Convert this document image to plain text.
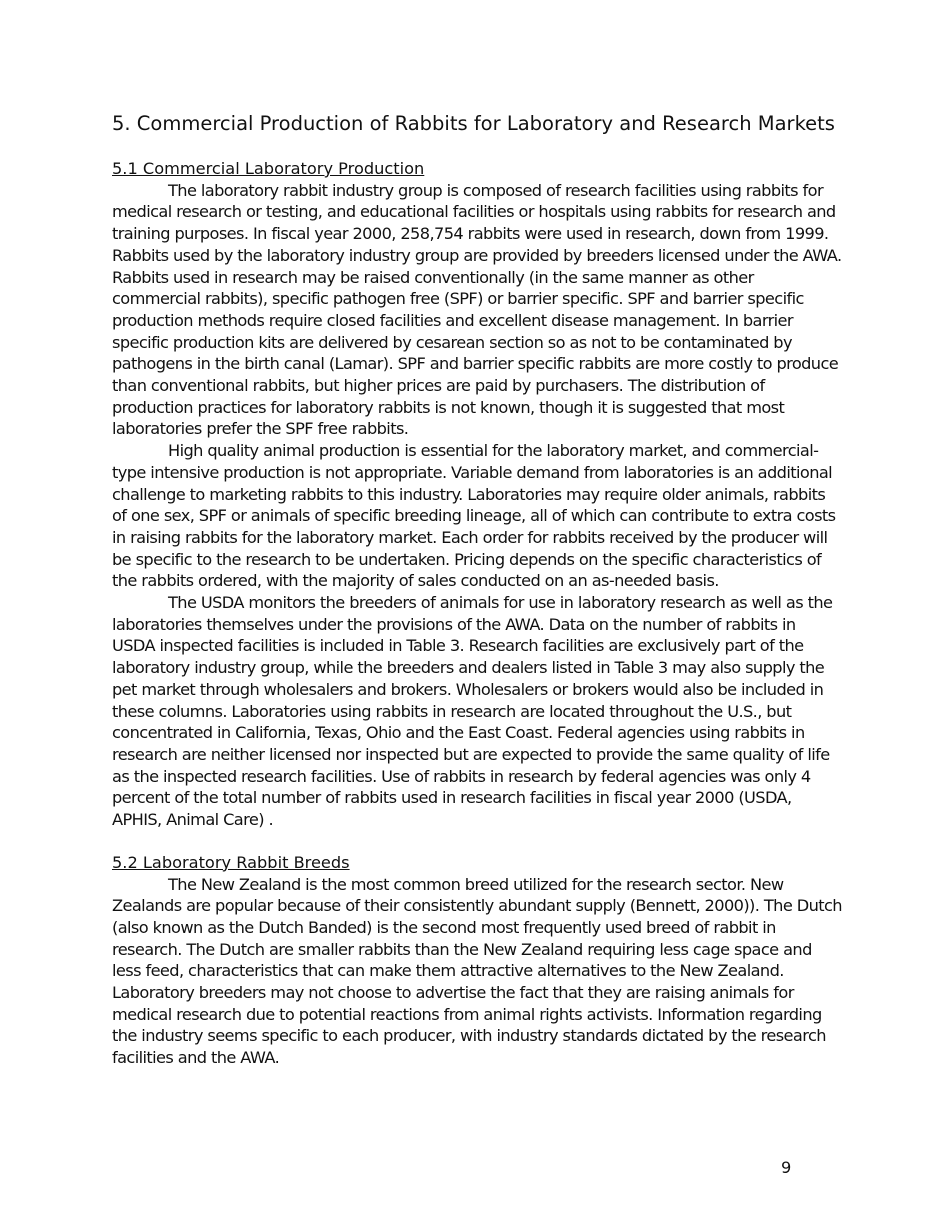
5. Commercial Production of Rabbits for Laboratory and Research Markets

5.1 Commercial Laboratory Production

The laboratory rabbit industry group is composed of research facilities using rabbits for medical research or testing, and educational facilities or hospitals using rabbits for research and training purposes. In fiscal year 2000, 258,754 rabbits were used in research, down from 1999. Rabbits used by the laboratory industry group are provided by breeders licensed under the AWA. Rabbits used in research may be raised conventionally (in the same manner as other commercial rabbits), specific pathogen free (SPF) or barrier specific. SPF and barrier specific production methods require closed facilities and excellent disease management. In barrier specific production kits are delivered by cesarean section so as not to be contaminated by pathogens in the birth canal (Lamar). SPF and barrier specific rabbits are more costly to produce than conventional rabbits, but higher prices are paid by purchasers. The distribution of production practices for laboratory rabbits is not known, though it is suggested that most laboratories prefer the SPF free rabbits.

High quality animal production is essential for the laboratory market, and commercial-type intensive production is not appropriate. Variable demand from laboratories is an additional challenge to marketing rabbits to this industry. Laboratories may require older animals, rabbits of one sex, SPF or animals of specific breeding lineage, all of which can contribute to extra costs in raising rabbits for the laboratory market. Each order for rabbits received by the producer will be specific to the research to be undertaken. Pricing depends on the specific characteristics of the rabbits ordered, with the majority of sales conducted on an as-needed basis.

The USDA monitors the breeders of animals for use in laboratory research as well as the laboratories themselves under the provisions of the AWA. Data on the number of rabbits in USDA inspected facilities is included in Table 3. Research facilities are exclusively part of the laboratory industry group, while the breeders and dealers listed in Table 3 may also supply the pet market through wholesalers and brokers. Wholesalers or brokers would also be included in these columns. Laboratories using rabbits in research are located throughout the U.S., but concentrated in California, Texas, Ohio and the East Coast. Federal agencies using rabbits in research are neither licensed nor inspected but are expected to provide the same quality of life as the inspected research facilities. Use of rabbits in research by federal agencies was only 4 percent of the total number of rabbits used in research facilities in fiscal year 2000 (USDA, APHIS, Animal Care) .

5.2 Laboratory Rabbit Breeds

The New Zealand is the most common breed utilized for the research sector. New Zealands are popular because of their consistently abundant supply (Bennett, 2000)). The Dutch (also known as the Dutch Banded) is the second most frequently used breed of rabbit in research. The Dutch are smaller rabbits than the New Zealand requiring less cage space and less feed, characteristics that can make them attractive alternatives to the New Zealand. Laboratory breeders may not choose to advertise the fact that they are raising animals for medical research due to potential reactions from animal rights activists. Information regarding the industry seems specific to each producer, with industry standards dictated by the research facilities and the AWA.

9
